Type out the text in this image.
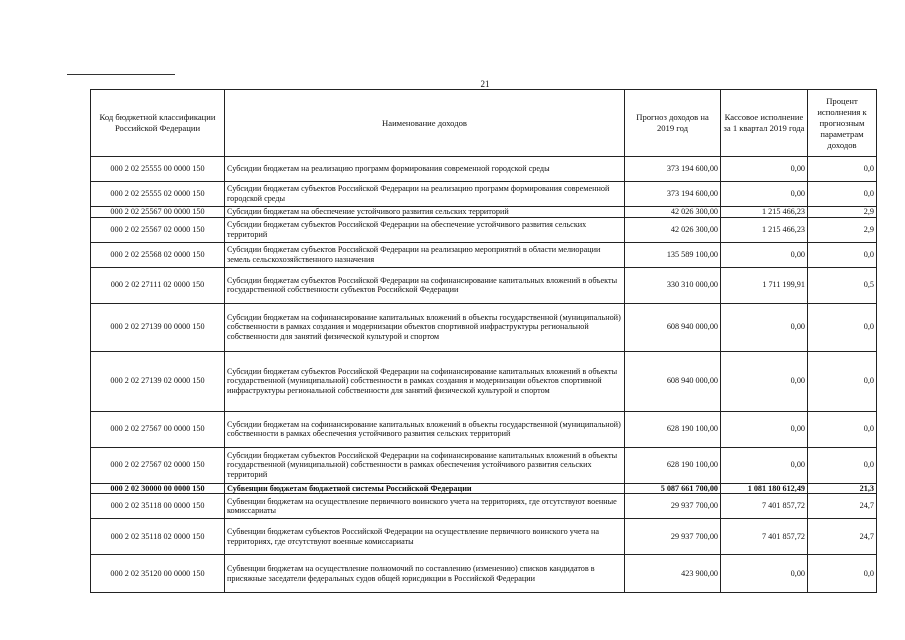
21
Код бюджетной классификации Российской Федерации	Наименование доходов	Прогноз доходов на 2019 год	Кассовое исполнение за 1 квартал 2019 года	Процент исполнения к прогнозным параметрам доходов
000 2 02 25555 00 0000 150	Субсидии бюджетам на реализацию программ формирования современной городской среды	373 194 600,00	0,00	0,0
000 2 02 25555 02 0000 150	Субсидии бюджетам субъектов Российской Федерации на реализацию программ формирования современной городской среды	373 194 600,00	0,00	0,0
000 2 02 25567 00 0000 150	Субсидии бюджетам на обеспечение устойчивого развития сельских территорий	42 026 300,00	1 215 466,23	2,9
000 2 02 25567 02 0000 150	Субсидии бюджетам субъектов Российской Федерации на обеспечение устойчивого развития сельских территорий	42 026 300,00	1 215 466,23	2,9
000 2 02 25568 02 0000 150	Субсидии бюджетам субъектов Российской Федерации на реализацию мероприятий в области мелиорации земель сельскохозяйственного назначения	135 589 100,00	0,00	0,0
000 2 02 27111 02 0000 150	Субсидии бюджетам субъектов Российской Федерации на софинансирование капитальных вложений в объекты государственной собственности субъектов Российской Федерации	330 310 000,00	1 711 199,91	0,5
000 2 02 27139 00 0000 150	Субсидии бюджетам на софинансирование капитальных вложений в объекты государственной (муниципальной) собственности в рамках создания и модернизации объектов спортивной инфраструктуры региональной собственности для занятий физической культурой и спортом	608 940 000,00	0,00	0,0
000 2 02 27139 02 0000 150	Субсидии бюджетам субъектов Российской Федерации на софинансирование капитальных вложений в объекты государственной (муниципальной) собственности в рамках создания и модернизации объектов спортивной инфраструктуры региональной собственности для занятий физической культурой и спортом	608 940 000,00	0,00	0,0
000 2 02 27567 00 0000 150	Субсидии бюджетам на софинансирование капитальных вложений в объекты государственной (муниципальной) собственности в рамках обеспечения устойчивого развития сельских территорий	628 190 100,00	0,00	0,0
000 2 02 27567 02 0000 150	Субсидии бюджетам субъектов Российской Федерации на софинансирование капитальных вложений в объекты государственной (муниципальной) собственности в рамках обеспечения устойчивого развития сельских территорий	628 190 100,00	0,00	0,0
000 2 02 30000 00 0000 150	Субвенции бюджетам бюджетной системы Российской Федерации	5 087 661 700,00	1 081 180 612,49	21,3
000 2 02 35118 00 0000 150	Субвенции бюджетам на осуществление первичного воинского учета на территориях, где отсутствуют военные комиссариаты	29 937 700,00	7 401 857,72	24,7
000 2 02 35118 02 0000 150	Субвенции бюджетам субъектов Российской Федерации на осуществление первичного воинского учета на территориях, где отсутствуют военные комиссариаты	29 937 700,00	7 401 857,72	24,7
000 2 02 35120 00 0000 150	Субвенции бюджетам на осуществление полномочий по составлению (изменению) списков кандидатов в присяжные заседатели федеральных судов общей юрисдикции в Российской Федерации	423 900,00	0,00	0,0
